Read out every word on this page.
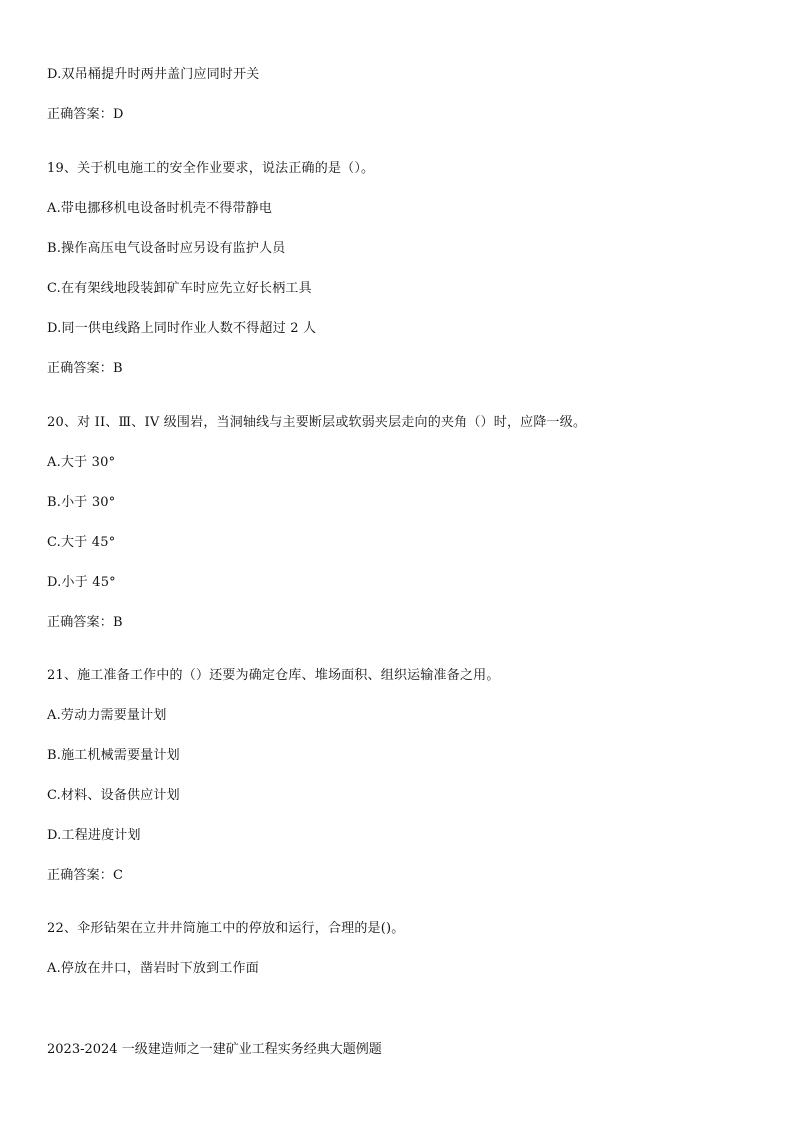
D.双吊桶提升时两井盖门应同时开关
正确答案：D
19、关于机电施工的安全作业要求，说法正确的是（）。
A.带电挪移机电设备时机壳不得带静电
B.操作高压电气设备时应另设有监护人员
C.在有架线地段装卸矿车时应先立好长柄工具
D.同一供电线路上同时作业人数不得超过 2 人
正确答案：B
20、对 II、Ⅲ、IV 级围岩，当洞轴线与主要断层或软弱夹层走向的夹角（）时，应降一级。
A.大于 30°
B.小于 30°
C.大于 45°
D.小于 45°
正确答案：B
21、施工准备工作中的（）还要为确定仓库、堆场面积、组织运输准备之用。
A.劳动力需要量计划
B.施工机械需要量计划
C.材料、设备供应计划
D.工程进度计划
正确答案：C
22、伞形钻架在立井井筒施工中的停放和运行，合理的是()。
A.停放在井口，凿岩时下放到工作面
2023-2024 一级建造师之一建矿业工程实务经典大题例题
